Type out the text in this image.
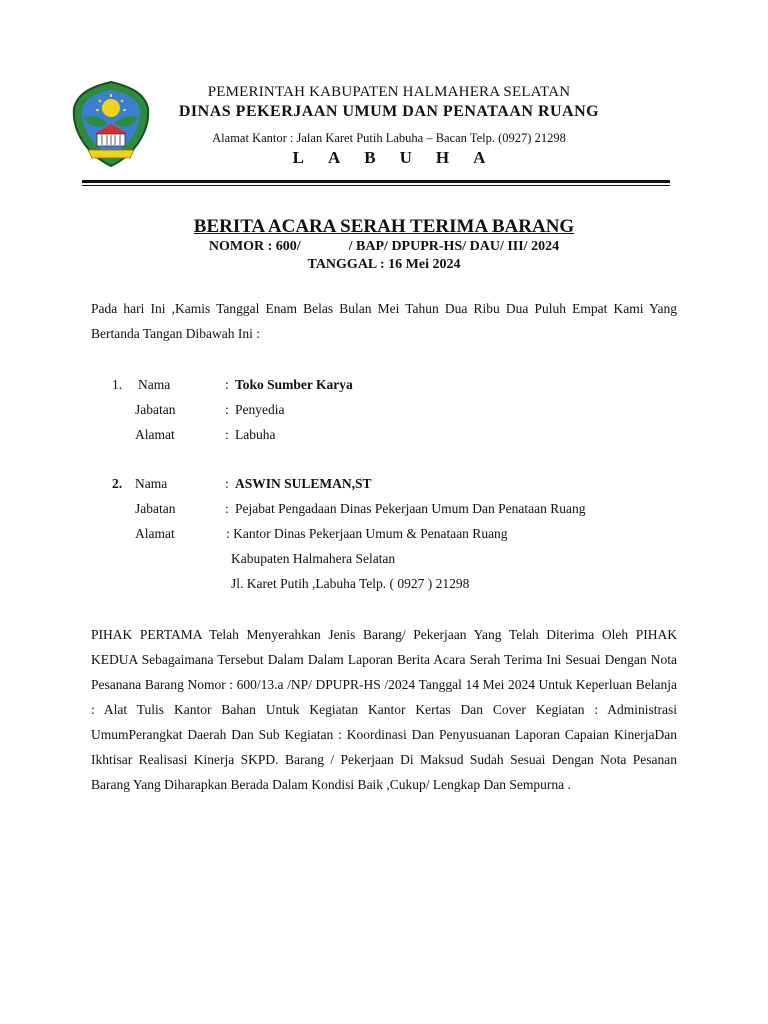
PEMERINTAH KABUPATEN HALMAHERA SELATAN
DINAS PEKERJAAN UMUM DAN PENATAAN RUANG
Alamat Kantor : Jalan Karet Putih Labuha – Bacan Telp. (0927) 21298
LABUHA
BERITA ACARA SERAH TERIMA BARANG
NOMOR : 600/	/ BAP/ DPUPR-HS/ DAU/ III/ 2024
TANGGAL : 16 Mei 2024
Pada hari Ini ,Kamis Tanggal Enam Belas Bulan Mei Tahun Dua Ribu Dua Puluh Empat Kami Yang Bertanda Tangan Dibawah Ini :
1.	Nama	: Toko Sumber Karya
Jabatan	: Penyedia
Alamat	: Labuha
2. Nama	: ASWIN SULEMAN,ST
Jabatan	: Pejabat Pengadaan Dinas Pekerjaan Umum Dan Penataan Ruang
Alamat	: Kantor Dinas Pekerjaan Umum & Penataan Ruang
Kabupaten Halmahera Selatan
Jl. Karet Putih ,Labuha Telp. ( 0927 ) 21298
PIHAK PERTAMA Telah Menyerahkan Jenis Barang/ Pekerjaan Yang Telah Diterima Oleh PIHAK KEDUA Sebagaimana Tersebut Dalam Dalam Laporan Berita Acara Serah Terima Ini Sesuai Dengan Nota Pesanana Barang Nomor : 600/13.a /NP/ DPUPR-HS /2024 Tanggal 14 Mei 2024 Untuk Keperluan Belanja : Alat Tulis Kantor Bahan Untuk Kegiatan Kantor Kertas Dan Cover Kegiatan : Administrasi UmumPerangkat Daerah Dan Sub Kegiatan : Koordinasi Dan Penyusuanan Laporan Capaian KinerjaDan Ikhtisar Realisasi Kinerja SKPD. Barang / Pekerjaan Di Maksud Sudah Sesuai Dengan Nota Pesanan Barang Yang Diharapkan Berada Dalam Kondisi Baik ,Cukup/ Lengkap Dan Sempurna .
